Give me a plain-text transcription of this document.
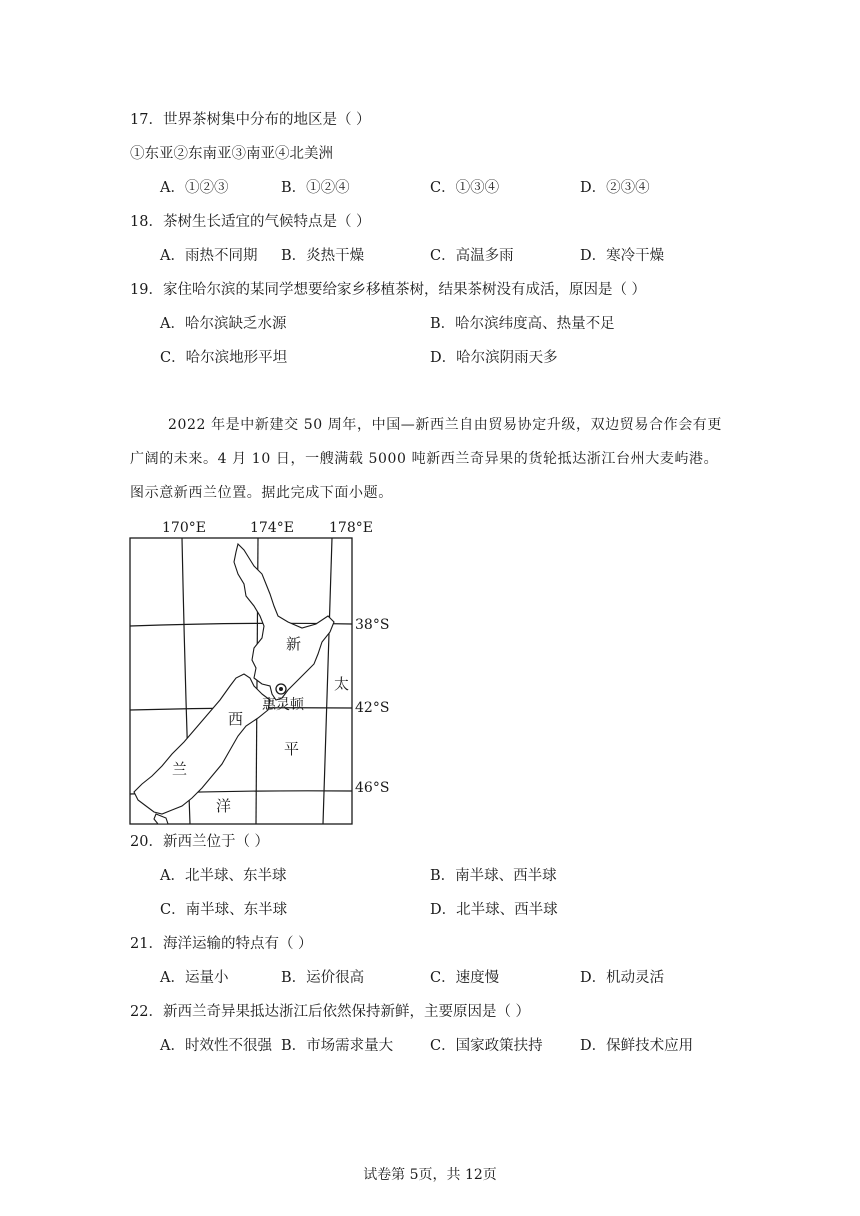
17．世界茶树集中分布的地区是（ ）
①东亚②东南亚③南亚④北美洲
A．①②③	B．①②④	C．①③④	D．②③④
18．茶树生长适宜的气候特点是（ ）
A．雨热不同期 B．炎热干燥	C．高温多雨	D．寒冷干燥
19．家住哈尔滨的某同学想要给家乡移植茶树，结果茶树没有成活，原因是（ ）
A．哈尔滨缺乏水源	B．哈尔滨纬度高、热量不足
C．哈尔滨地形平坦	D．哈尔滨阴雨天多
2022 年是中新建交 50 周年，中国—新西兰自由贸易协定升级，双边贸易合作会有更广阔的未来。4 月 10 日，一艘满载 5000 吨新西兰奇异果的货轮抵达浙江台州大麦屿港。图示意新西兰位置。据此完成下面小题。
170°E	174°E	178°E
38°S
42°S
46°S
新
太
西
平
兰
洋
惠灵顿
20．新西兰位于（ ）
A．北半球、东半球	B．南半球、西半球
C．南半球、东半球	D．北半球、西半球
21．海洋运输的特点有（ ）
A．运量小	B．运价很高	C．速度慢	D．机动灵活
22．新西兰奇异果抵达浙江后依然保持新鲜，主要原因是（ ）
A．时效性不很强 B．市场需求量大	C．国家政策扶持	D．保鲜技术应用
试卷第 5页，共 12页
